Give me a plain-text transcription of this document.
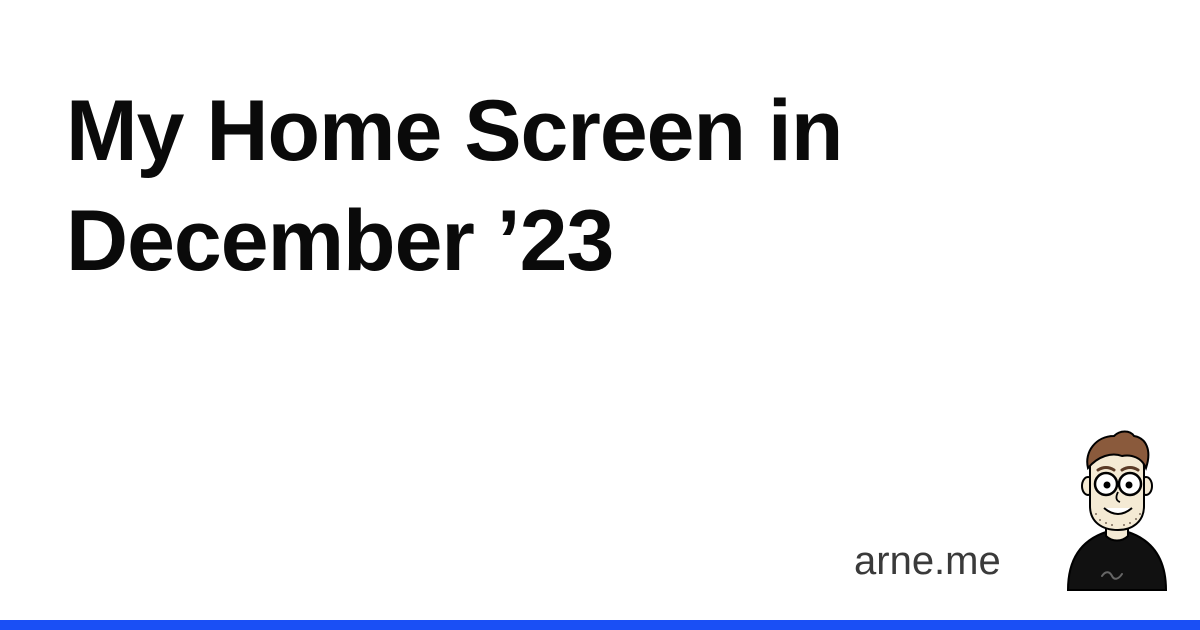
My Home Screen in
December ’23
arne.me
